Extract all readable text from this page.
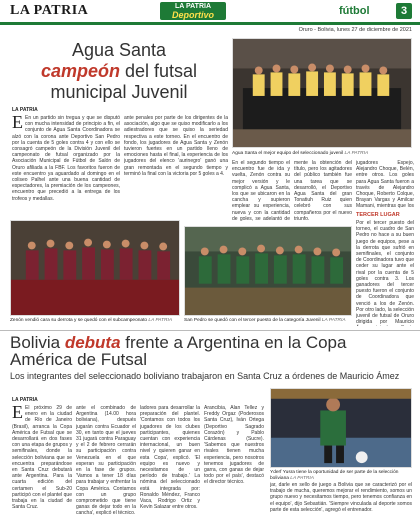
LA PATRIA	LA PATRIA
Deportivo	fútbol	3
Oruro - Bolivia, lunes 27 de diciembre de 2021
Agua Santa
campeón del futsal municipal Juvenil
LA PATRIA
E En un partido sin tregua y que se disputó con mucha intensidad de principio a fin, el conjunto de Agua Santa Coordinadora se alzó con la corona ante Deportivo San Pedro por la cuenta de 5 goles contra 4 y con ello se consagró campeón de la División Juvenil del campeonato de futsal organizado por la Asociación Municipal de Fútbol de Salón de Oruro afiliada a la FBF. Los favoritos fueron de este encuentro ya aguardado al domingo en el coliseo Palhel ante una buena cantidad de espectadores, la premiación de los campeones, encuentro que precedió a la entrega de los trofeos y medallas.
ante penales por parte de los dirigentes de la asociación, algo que se quiso modificarlo a los adiestradores que se quiso la seriedad respectiva a este torneo. En el encuentro de fondo, los jugadores de Agua Santa y Zenón tuvieron fuertes en un partido lleno de emociones hasta el final, la experiencia de los jugadores del elenco 'aurinegro' ganó una gran remontada en el segundo tiempo y terminó la final con la victoria por 5 goles a 4.
Agua Santa el mejor equipo del seleccionado juvenil LA PATRIA
En el segundo tiempo el encuentro fue de ida y vuelta, Zenón contra su mejor versión y le complicó a Agua Santa, los que se ubicaron en la cancha y supieron emplear su experiencia, nueva y con la cantidad de goles, se adelantó de
mente la obtención del título, pero los agitadores del público también fue una tarea que se desarrolló, el Deportivo Agua Santa del gran Tonatiuh Ruiz quien celebró con sus compañeros por el nuevo triunfo.
jugadores Espejo, Alejandro Choque, Belén, entre otros. Los goles para Agua Santa fueron a través de Alejandro Choque, Roberto Colque, Brayan Vargas y Amilcar Mamani, mientras que los
TERCER LUGAR
Por el tercer puesto del torneo, el cuadro de San Pedro no hace a su buen juego de equipos, pese a la derrota que sufrió en semifinales, el conjunto de Coordinadora tuvo que ceder su lugar ante el rival por la cuenta de 5 goles contra 3. Los ganadores del tercer puesto fueron el conjunto de Coordinadora que venció a los de Zenón. Por otro lado, la selección juvenil de futsal de Oruro dirigida por Mauricio
Zenón vendió cara su derrota y se quedó con el subcampeonato LA PATRIA	San Pedro se quedó con el tercer puesto de la categoría Juvenil LA PATRIA
Bolivia debuta frente a Argentina en la Copa América de Futsal
Los integrantes del seleccionado boliviano trabajaron en Santa Cruz a órdenes de Mauricio Ámez
LA PATRIA
E El próximo 29 de enero en la ciudad de Río de Janeiro (Brasil), arranca la Copa América de Futsal que se desarrollará en dos fases con una etapa de grupos y semifinales, donde la selección boliviana que se encuentra preparándose en Santa Cruz debutará ante Argentina. Para la cuarta edición del certamen el Sub-20 participó con el plantel que trabaja en la ciudad de Santa Cruz.
ante el combinado de Argentina (14.00 hora boliviana), después jugarán contra Ecuador el 30, en tanto que el jueves 31 jugará contra Paraguay y el 2 de febrero cerrarán su participación contra Venezuela en el que esperan su participación en la fase de grupos. 'Vamos a tener 18 días para trabajar y enfrentar la Copa América. Contamos con un grupo comprometido que tiene ganas de dejar todo en la cancha', explicó el técnico.
ladores para desarrollar la preparación del plantel. 'Contamos con todos los jugadores de los clubes participantes, quienes cuentan con experiencia internacional, un buen nivel y quieren ganar en esta Copa', explicó. 'El equipo es nuevo y necesitamos de un período de trabajo.' La nómina del seleccionado está integrada por: Ronaldo Méndez, Franco Vaca, Rodrigo Ortiz y Kevin Salazar entre otros.
Arancibia, Alan Tellez y Freddy Orgaz (Poderosos Santa Cruz), Iván Ortega (Deportivo Sagrado Corazón) y Pablo Cárdenas (Sucre). 'Sabemos que nuestros rivales tienen mucha experiencia, pero nosotros tenemos jugadores de garra, con ganas de dejar todo por el país', destacó el director técnico.
Yderf Yusra tiene la oportunidad de ser parte de la selección boliviana LA PATRIA
jar, darle en sello de juego a Bolivia que se caracterizó por el trabajo de mucha, queremos mejorar el rendimiento, somos un grupo nuevo y necesitamos tiempo, pero tenemos confianza en el equipo', dijo Sebastián. 'Siempre vinculada al deporte somos parte de esta selección', agregó el entrenador.
